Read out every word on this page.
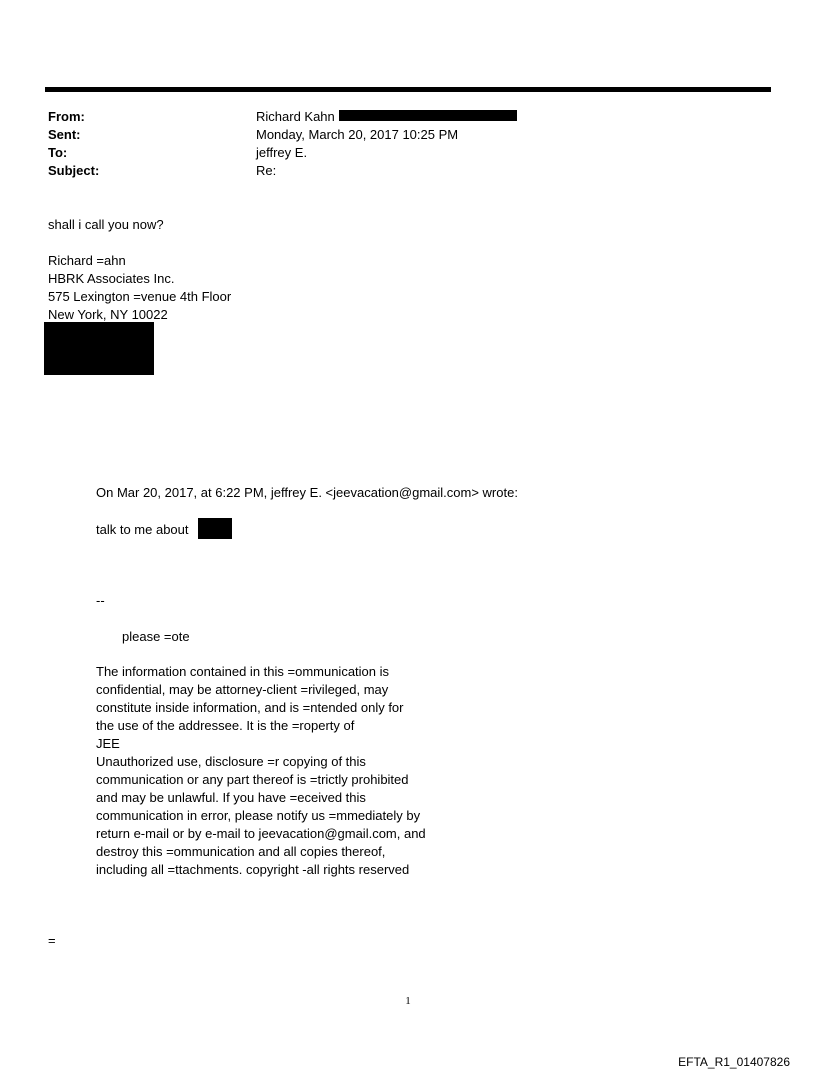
From:	Richard Kahn
Sent:	Monday, March 20, 2017 10:25 PM
To:	jeffrey E.
Subject:	Re:
shall i call you now?
Richard =ahn
HBRK Associates Inc.
575 Lexington =venue 4th Floor
New York, NY 10022
On Mar 20, 2017, at 6:22 PM, jeffrey E. <jeevacation@gmail.com> wrote:
talk to me about
--
please =ote
The information contained in this =ommunication is
confidential, may be attorney-client =rivileged, may
constitute inside information, and is =ntended only for
the use of the addressee. It is the =roperty of
JEE
Unauthorized use, disclosure =r copying of this
communication or any part thereof is =trictly prohibited
and may be unlawful. If you have =eceived this
communication in error, please notify us =mmediately by
return e-mail or by e-mail to jeevacation@gmail.com, and
destroy this =ommunication and all copies thereof,
including all =ttachments. copyright -all rights reserved
=
1
EFTA_R1_01407826
